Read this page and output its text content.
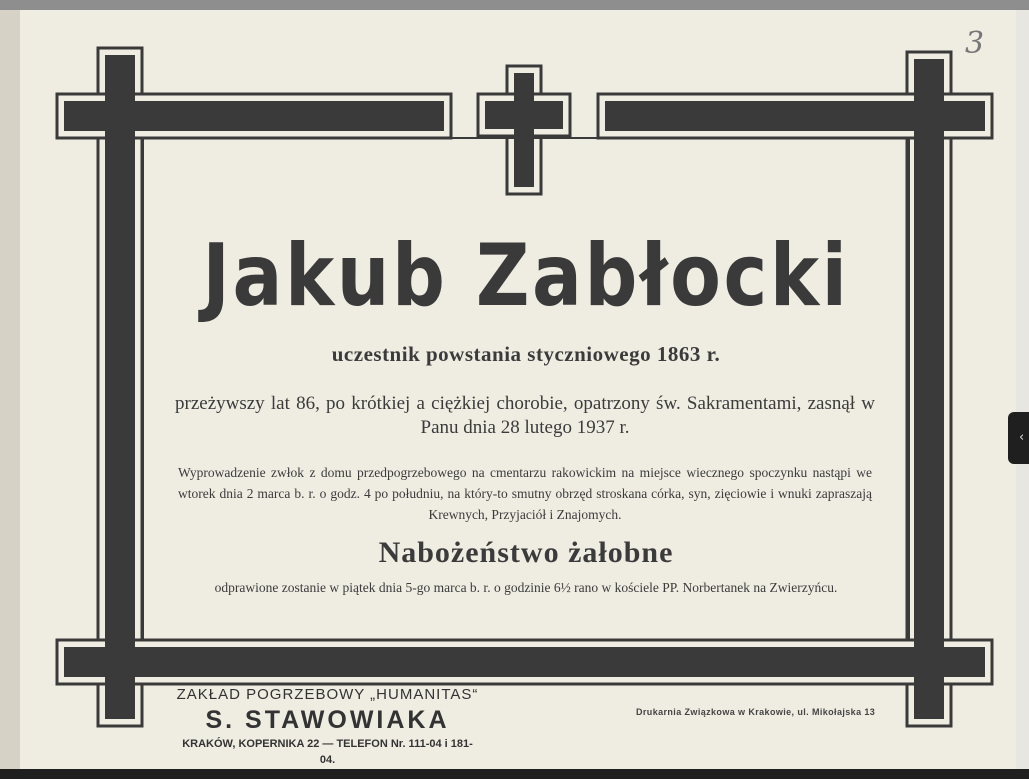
3
Jakub Zabłocki
uczestnik powstania styczniowego 1863 r.
przeżywszy lat 86, po krótkiej a ciężkiej chorobie, opatrzony św. Sakramentami, zasnął w Panu dnia 28 lutego 1937 r.
Wyprowadzenie zwłok z domu przedpogrzebowego na cmentarzu rakowickim na miejsce wiecznego spoczynku nastąpi we wtorek dnia 2 marca b. r. o godz. 4 po południu, na który-to smutny obrzęd stroskana córka, syn, zięciowie i wnuki zapraszają Krewnych, Przyjaciół i Znajomych.
Nabożeństwo żałobne
odprawione zostanie w piątek dnia 5-go marca b. r. o godzinie 6½ rano w kościele PP. Norbertanek na Zwierzyńcu.
ZAKŁAD POGRZEBOWY „HUMANITAS“
S. STAWOWIAKA
KRAKÓW, KOPERNIKA 22 — TELEFON Nr. 111-04 i 181-04.
Drukarnia Związkowa w Krakowie, ul. Mikołajska 13
‹
